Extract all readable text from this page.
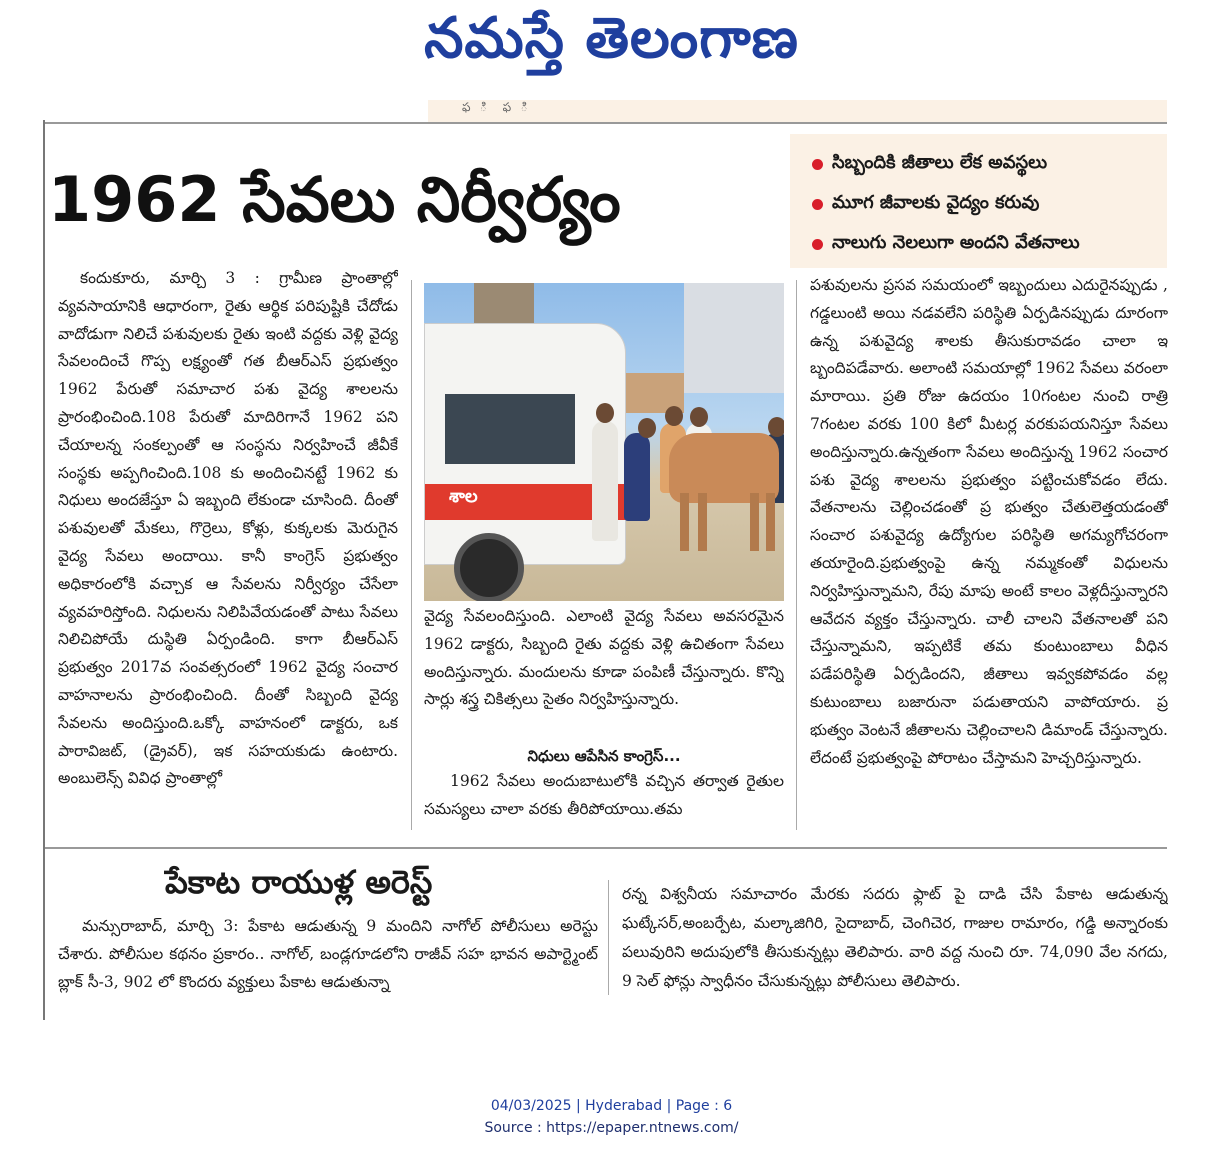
నమస్తే తెలంగాణ
ఫ ి ఫ ి
1962 సేవలు నిర్వీర్యం
సిబ్బందికి జీతాలు లేక అవస్థలు
మూగ జీవాలకు వైద్యం కరువు
నాలుగు నెలలుగా అందని వేతనాలు
కందుకూరు, మార్చి 3 : గ్రామీణ ప్రాంతాల్లో వ్యవసాయానికి ఆధారంగా, రైతు ఆర్థిక పరిపుష్టికి చేదోడు వాదోడుగా నిలిచే పశువులకు రైతు ఇంటి వద్దకు వెళ్లి వైద్య సేవలందించే గొప్ప లక్ష్యంతో గత బీఆర్ఎస్ ప్రభుత్వం 1962 పేరుతో సమాచార పశు వైద్య శాలలను ప్రారంభించింది.108 పేరుతో మాదిరిగానే 1962 పని చేయాలన్న సంకల్పంతో ఆ సంస్థను నిర్వహించే జీవీకే సంస్థకు అప్పగించింది.108 కు అందించినట్టే 1962 కు నిధులు అందజేస్తూ ఏ ఇబ్బంది లేకుండా చూసింది. దీంతో పశువులతో మేకలు, గొర్రెలు, కోళ్లు, కుక్కలకు మెరుగైన వైద్య సేవలు అందాయి. కానీ కాంగ్రెస్ ప్రభుత్వం అధికారంలోకి వచ్చాక ఆ సేవలను నిర్వీర్యం చేసేలా వ్యవహరిస్తోంది. నిధులను నిలిపివేయడంతో పాటు సేవలు నిలిచిపోయే దుస్థితి ఏర్పండింది. కాగా బీఆర్ఎస్ ప్రభుత్వం 2017వ సంవత్సరంలో 1962 వైద్య సంచార వాహనాలను ప్రారంభించింది. దీంతో సిబ్బంది వైద్య సేవలను అందిస్తుంది.ఒక్కో వాహనంలో డాక్టరు, ఒక పారావిజట్, (డ్రైవర్), ఇక సహయకుడు ఉంటారు. అంబులెన్స్ వివిధ ప్రాంతాల్లో
శాల
వైద్య సేవలందిస్తుంది. ఎలాంటి వైద్య సేవలు అవసరమైన 1962 డాక్టరు, సిబ్బంది రైతు వద్దకు వెళ్లి ఉచితంగా సేవలు అందిస్తున్నారు. మందులను కూడా పంపిణీ చేస్తున్నారు. కొన్ని సార్లు శస్త్ర చికిత్సలు సైతం నిర్వహిస్తున్నారు.
నిధులు ఆపేసిన కాంగ్రెస్...
1962 సేవలు అందుబాటులోకి వచ్చిన తర్వాత రైతుల సమస్యలు చాలా వరకు తీరిపోయాయి.తమ
పశువులను ప్రసవ సమయంలో ఇబ్బందులు ఎదురైనప్పుడు , గడ్డలుంటి అయి నడవలేని పరిస్థితి ఏర్పడినప్పుడు దూరంగా ఉన్న పశువైద్య శాలకు తీసుకురావడం చాలా ఇ బ్బందిపడేవారు. అలాంటి సమయాల్లో 1962 సేవలు వరంలా మారాయి. ప్రతి రోజు ఉదయం 10గంటల నుంచి రాత్రి 7గంటల వరకు 100 కిలో మీటర్ల వరకుపయనిస్తూ సేవలు అందిస్తున్నారు.ఉన్నతంగా సేవలు అందిస్తున్న 1962 సంచార పశు వైద్య శాలలను ప్రభుత్వం పట్టించుకోవడం లేదు. వేతనాలను చెల్లించడంతో ప్ర భుత్వం చేతులెత్తయడంతో సంచార పశువైద్య ఉద్యోగుల పరిస్థితి అగమ్యగోచరంగా తయారైంది.ప్రభుత్వంపై ఉన్న నమ్మకంతో విధులను నిర్వహిస్తున్నామని, రేపు మాపు అంటే కాలం వెళ్లదీస్తున్నారని ఆవేదన వ్యక్తం చేస్తున్నారు. చాలీ చాలని వేతనాలతో పని చేస్తున్నామని, ఇప్పటికే తమ కుంటుంబాలు వీధిన పడేపరిస్థితి ఏర్పడిందని, జీతాలు ఇవ్వకపోవడం వల్ల కుటుంబాలు బజారునా పడుతాయని వాపోయారు. ప్ర భుత్వం వెంటనే జీతాలను చెల్లించాలని డిమాండ్ చేస్తున్నారు. లేదంటే ప్రభుత్వంపై పోరాటం చేస్తామని హెచ్చరిస్తున్నారు.
పేకాట రాయుళ్ల అరెస్ట్
మన్సురాబాద్, మార్చి 3: పేకాట ఆడుతున్న 9 మందిని నాగోల్ పోలీసులు అరెస్టు చేశారు. పోలీసుల కథనం ప్రకారం.. నాగోల్, బండ్లగూడలోని రాజీవ్ సహ భావన అపార్ట్మెంట్ బ్లాక్ సీ-3, 902 లో కొందరు వ్యక్తులు పేకాట ఆడుతున్నా
రన్న విశ్వనీయ సమాచారం మేరకు సదరు ఫ్లాట్ పై దాడి చేసి పేకాట ఆడుతున్న ఘట్కేసర్,అంబర్పేట, మల్కాజిగిరి, సైదాబాద్, చెంగిచెర, గాజుల రామారం, గడ్డి అన్నారంకు పలువురిని అదుపులోకి తీసుకున్నట్లు తెలిపారు. వారి వద్ద నుంచి రూ. 74,090 వేల నగదు, 9 సెల్ ఫోన్లు స్వాధీనం చేసుకున్నట్లు పోలీసులు తెలిపారు.
04/03/2025 | Hyderabad | Page : 6
Source : https://epaper.ntnews.com/
